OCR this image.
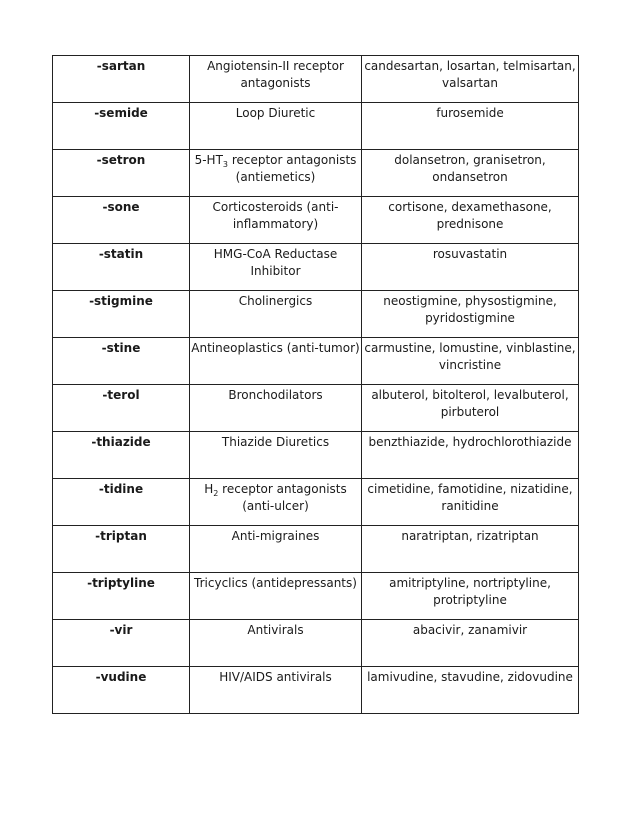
-sartan	Angiotensin-II receptor antagonists	candesartan, losartan, telmisartan, valsartan
-semide	Loop Diuretic	furosemide
-setron	$5-HT_3$ receptor antagonists (antiemetics)	dolansetron, granisetron, ondansetron
-sone	Corticosteroids (anti-inflammatory)	cortisone, dexamethasone, prednisone
-statin	HMG-CoA Reductase Inhibitor	rosuvastatin
-stigmine	Cholinergics	neostigmine, physostigmine, pyridostigmine
-stine	Antineoplastics (anti-tumor)	carmustine, lomustine, vinblastine, vincristine
-terol	Bronchodilators	albuterol, bitolterol, levalbuterol, pirbuterol
-thiazide	Thiazide Diuretics	benzthiazide, hydrochlorothiazide
-tidine	$H_2$ receptor antagonists (anti-ulcer)	cimetidine, famotidine, nizatidine, ranitidine
-triptan	Anti-migraines	naratriptan, rizatriptan
-triptyline	Tricyclics (antidepressants)	amitriptyline, nortriptyline, protriptyline
-vir	Antivirals	abacivir, zanamivir
-vudine	HIV/AIDS antivirals	lamivudine, stavudine, zidovudine
